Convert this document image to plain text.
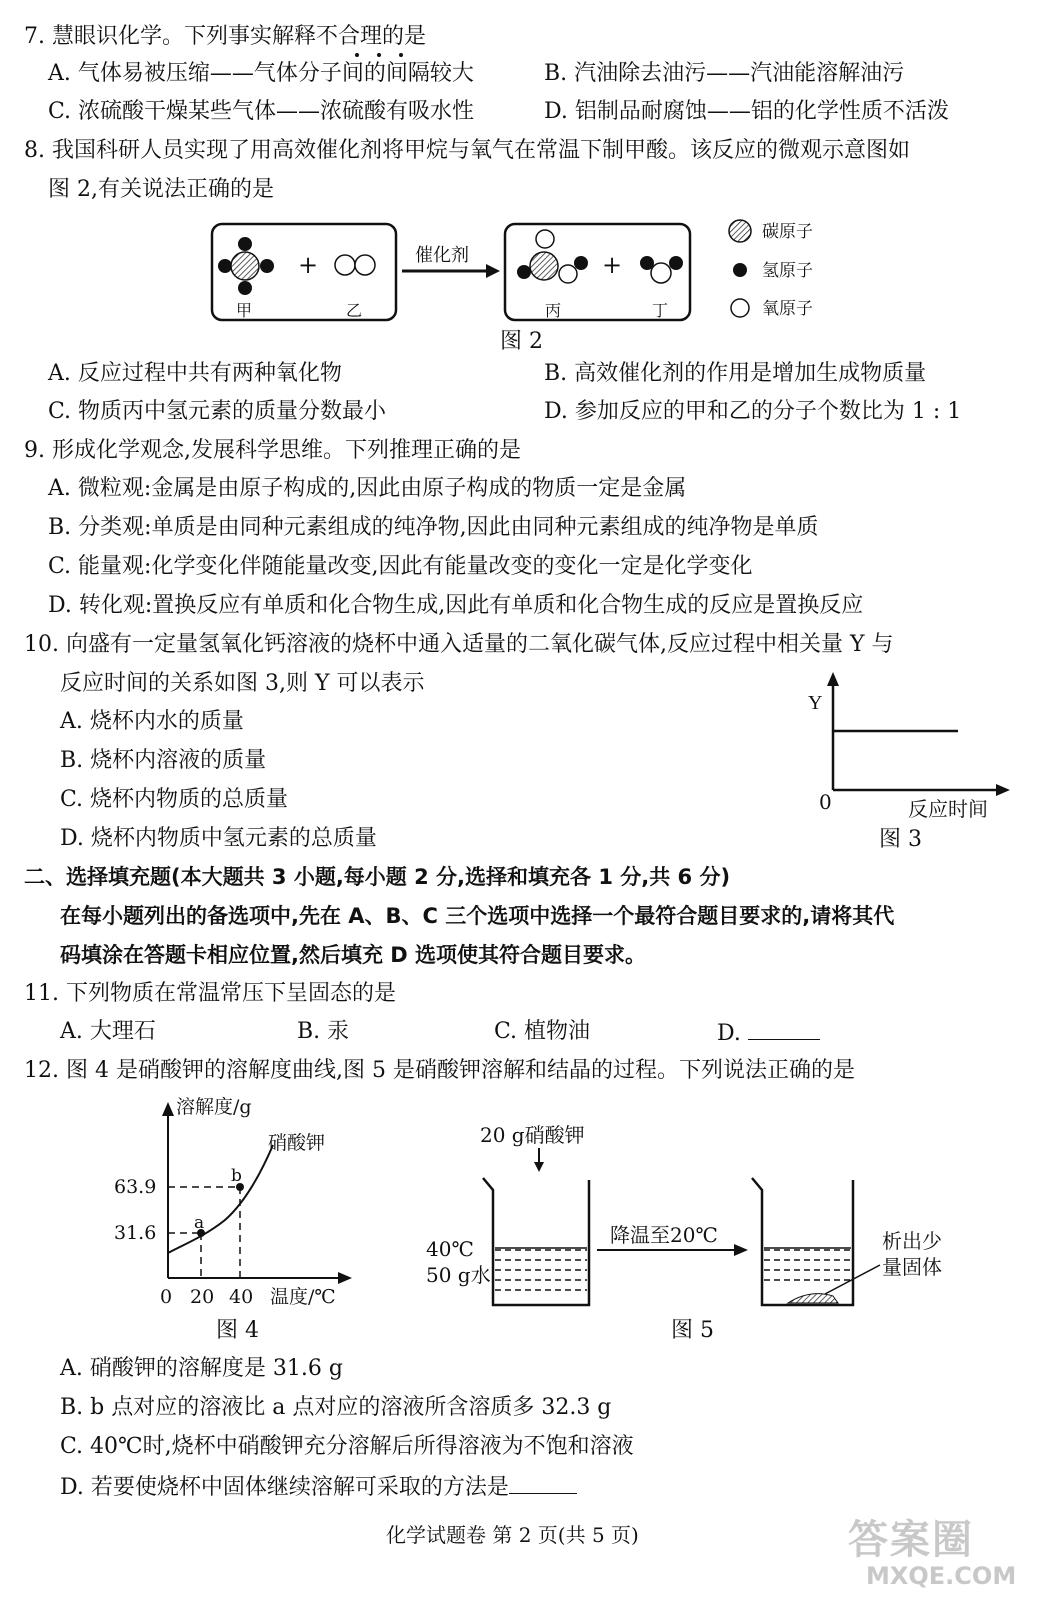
7. 慧眼识化学。下列事实解释不合理的是
A. 气体易被压缩——气体分子间的间隔较大	B. 汽油除去油污——汽油能溶解油污
C. 浓硫酸干燥某些气体——浓硫酸有吸水性	D. 铝制品耐腐蚀——铝的化学性质不活泼
8. 我国科研人员实现了用高效催化剂将甲烷与氧气在常温下制甲酸。该反应的微观示意图如
图 2,有关说法正确的是
+	+
催化剂
甲	乙	丙	丁
碳原子
氢原子
氧原子
图 2
A. 反应过程中共有两种氧化物	B. 高效催化剂的作用是增加生成物质量
C. 物质丙中氢元素的质量分数最小	D. 参加反应的甲和乙的分子个数比为 1 : 1
9. 形成化学观念,发展科学思维。下列推理正确的是
A. 微粒观:金属是由原子构成的,因此由原子构成的物质一定是金属
B. 分类观:单质是由同种元素组成的纯净物,因此由同种元素组成的纯净物是单质
C. 能量观:化学变化伴随能量改变,因此有能量改变的变化一定是化学变化
D. 转化观:置换反应有单质和化合物生成,因此有单质和化合物生成的反应是置换反应
10. 向盛有一定量氢氧化钙溶液的烧杯中通入适量的二氧化碳气体,反应过程中相关量 Y 与
反应时间的关系如图 3,则 Y 可以表示
A. 烧杯内水的质量
B. 烧杯内溶液的质量
C. 烧杯内物质的总质量
D. 烧杯内物质中氢元素的总质量
Y
0	反应时间
图 3
二、选择填充题(本大题共 3 小题,每小题 2 分,选择和填充各 1 分,共 6 分)
在每小题列出的备选项中,先在 A、B、C 三个选项中选择一个最符合题目要求的,请将其代
码填涂在答题卡相应位置,然后填充 D 选项使其符合题目要求。
11. 下列物质在常温常压下呈固态的是
A. 大理石	B. 汞	C. 植物油	D.
12. 图 4 是硝酸钾的溶解度曲线,图 5 是硝酸钾溶解和结晶的过程。下列说法正确的是
溶解度/g
硝酸钾
63.9
31.6 a
b
0 20 40 温度/℃
图 4
20 g硝酸钾
40℃
50 g水
降温至20℃	析出少
量固体
图 5
A. 硝酸钾的溶解度是 31.6 g
B. b 点对应的溶液比 a 点对应的溶液所含溶质多 32.3 g
C. 40℃时,烧杯中硝酸钾充分溶解后所得溶液为不饱和溶液
D. 若要使烧杯中固体继续溶解可采取的方法是
化学试题卷 第 2 页(共 5 页)	答案圈
MXQE.COM
